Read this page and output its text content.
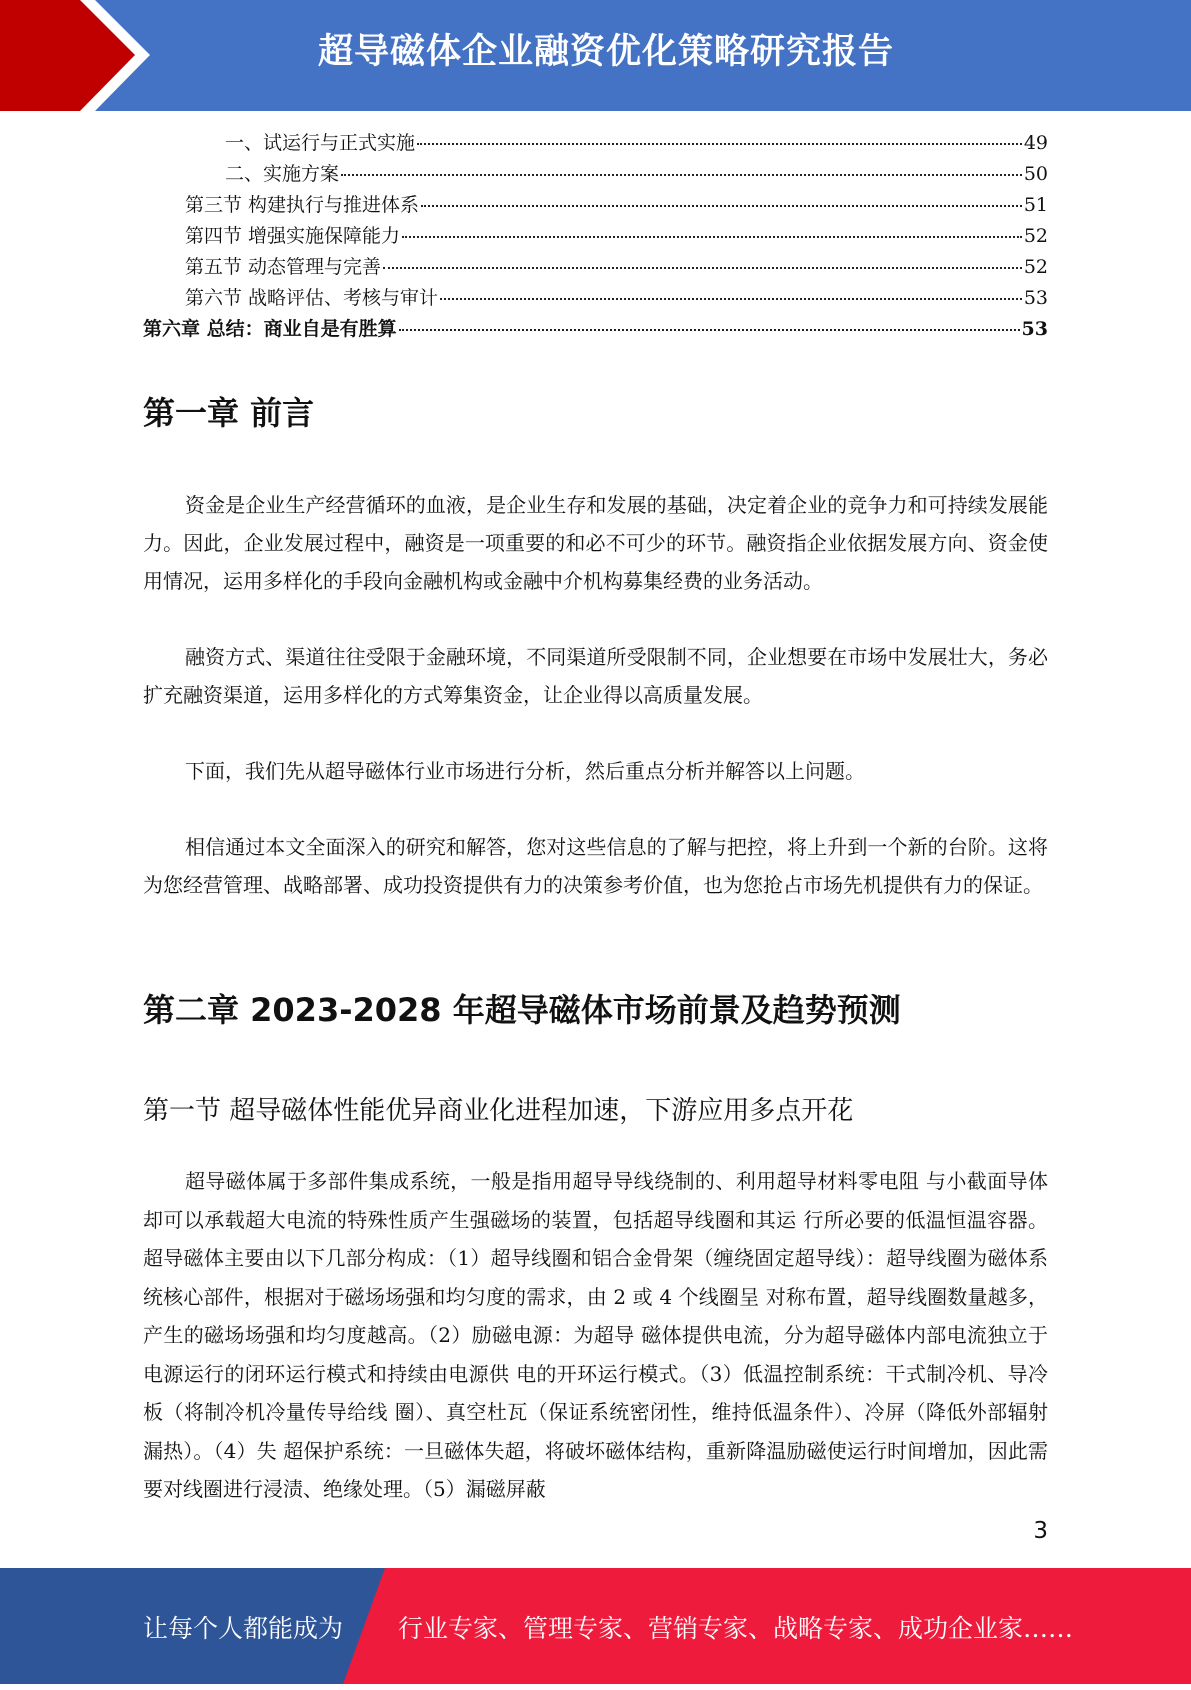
超导磁体企业融资优化策略研究报告
一、试运行与正式实施	49
二、实施方案	50
第三节 构建执行与推进体系	51
第四节 增强实施保障能力	52
第五节 动态管理与完善	52
第六节 战略评估、考核与审计	53
第六章 总结：商业自是有胜算	53
第一章 前言

资金是企业生产经营循环的血液，是企业生存和发展的基础，决定着企业的竞争力和可持续发展能力。因此，企业发展过程中，融资是一项重要的和必不可少的环节。融资指企业依据发展方向、资金使用情况，运用多样化的手段向金融机构或金融中介机构募集经费的业务活动。

融资方式、渠道往往受限于金融环境，不同渠道所受限制不同，企业想要在市场中发展壮大，务必扩充融资渠道，运用多样化的方式筹集资金，让企业得以高质量发展。

下面，我们先从超导磁体行业市场进行分析，然后重点分析并解答以上问题。

相信通过本文全面深入的研究和解答，您对这些信息的了解与把控，将上升到一个新的台阶。这将为您经营管理、战略部署、成功投资提供有力的决策参考价值，也为您抢占市场先机提供有力的保证。

第二章 2023-2028 年超导磁体市场前景及趋势预测
第一节 超导磁体性能优异商业化进程加速，下游应用多点开花

超导磁体属于多部件集成系统，一般是指用超导导线绕制的、利用超导材料零电阻 与小截面导体却可以承载超大电流的特殊性质产生强磁场的装置，包括超导线圈和其运 行所必要的低温恒温容器。 超导磁体主要由以下几部分构成：（1）超导线圈和铝合金骨架（缠绕固定超导线）：超导线圈为磁体系统核心部件，根据对于磁场场强和均匀度的需求，由 2 或 4 个线圈呈 对称布置，超导线圈数量越多，产生的磁场场强和均匀度越高。（2）励磁电源：为超导 磁体提供电流，分为超导磁体内部电流独立于电源运行的闭环运行模式和持续由电源供 电的开环运行模式。（3）低温控制系统：干式制冷机、导冷板（将制冷机冷量传导给线 圈）、真空杜瓦（保证系统密闭性，维持低温条件）、冷屏（降低外部辐射漏热）。（4）失 超保护系统：一旦磁体失超，将破坏磁体结构，重新降温励磁使运行时间增加，因此需 要对线圈进行浸渍、绝缘处理。（5）漏磁屏蔽

3
让每个人都能成为 行业专家、管理专家、营销专家、战略专家、成功企业家……
